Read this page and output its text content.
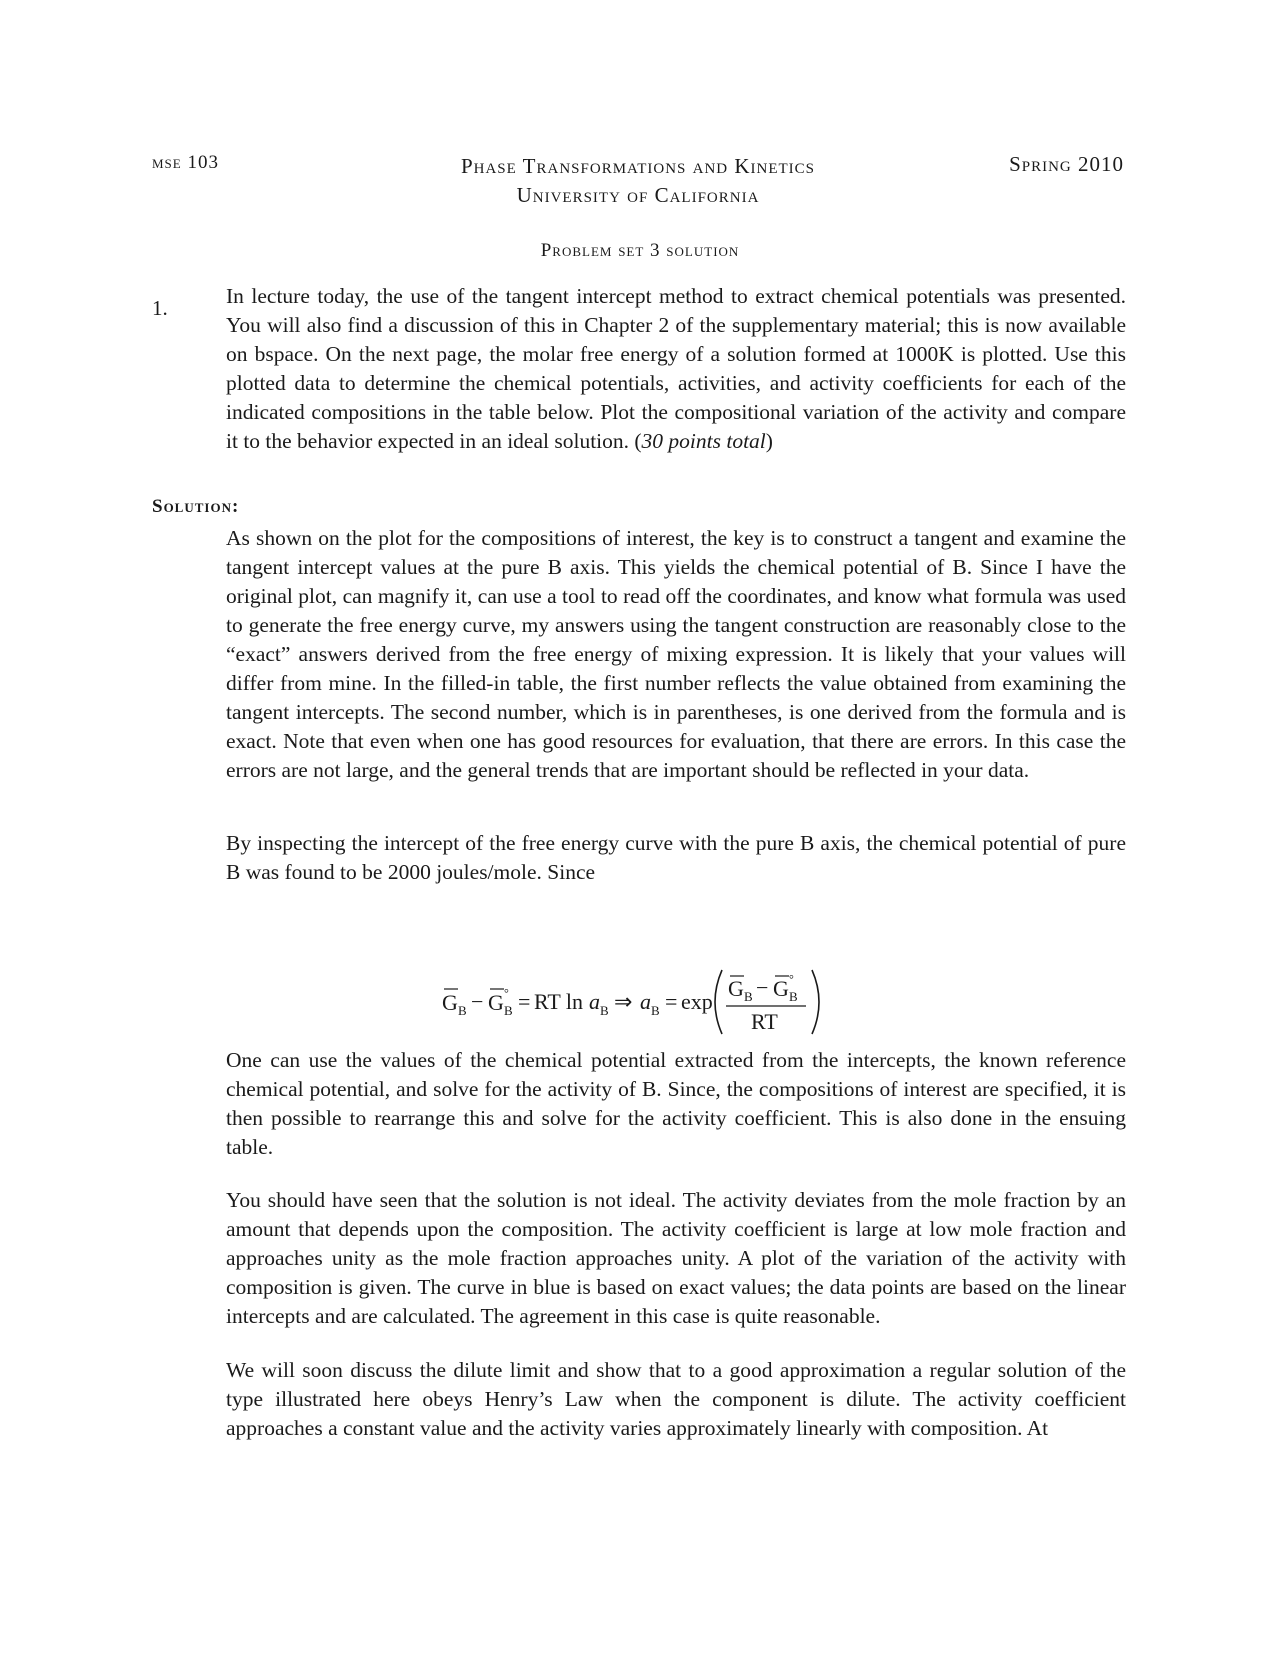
mse 103	Phase Transformations and Kinetics
University of California
Spring 2010
Problem set 3 solution
1.	In lecture today, the use of the tangent intercept method to extract chemical potentials was presented. You will also find a discussion of this in Chapter 2 of the supplementary material; this is now available on bspace. On the next page, the molar free energy of a solution formed at 1000K is plotted. Use this plotted data to determine the chemical potentials, activities, and activity coefficients for each of the indicated compositions in the table below. Plot the compositional variation of the activity and compare it to the behavior expected in an ideal solution. (30 points total)

Solution:

As shown on the plot for the compositions of interest, the key is to construct a tangent and examine the tangent intercept values at the pure B axis. This yields the chemical potential of B. Since I have the original plot, can magnify it, can use a tool to read off the coordinates, and know what formula was used to generate the free energy curve, my answers using the tangent construction are reasonably close to the “exact” answers derived from the free energy of mixing expression. It is likely that your values will differ from mine. In the filled-in table, the first number reflects the value obtained from examining the tangent intercepts. The second number, which is in parentheses, is one derived from the formula and is exact. Note that even when one has good resources for evaluation, that there are errors. In this case the errors are not large, and the general trends that are important should be reflected in your data.

By inspecting the intercept of the free energy curve with the pure B axis, the chemical potential of pure B was found to be 2000 joules/mole. Since

G B − G B
° = RT ln a B ⇒ a B = exp
G B − G B
°
RT

One can use the values of the chemical potential extracted from the intercepts, the known reference chemical potential, and solve for the activity of B. Since, the compositions of interest are specified, it is then possible to rearrange this and solve for the activity coefficient. This is also done in the ensuing table.

You should have seen that the solution is not ideal. The activity deviates from the mole fraction by an amount that depends upon the composition. The activity coefficient is large at low mole fraction and approaches unity as the mole fraction approaches unity. A plot of the variation of the activity with composition is given. The curve in blue is based on exact values; the data points are based on the linear intercepts and are calculated. The agreement in this case is quite reasonable.

We will soon discuss the dilute limit and show that to a good approximation a regular solution of the type illustrated here obeys Henry’s Law when the component is dilute. The activity coefficient approaches a constant value and the activity varies approximately linearly with composition. At
